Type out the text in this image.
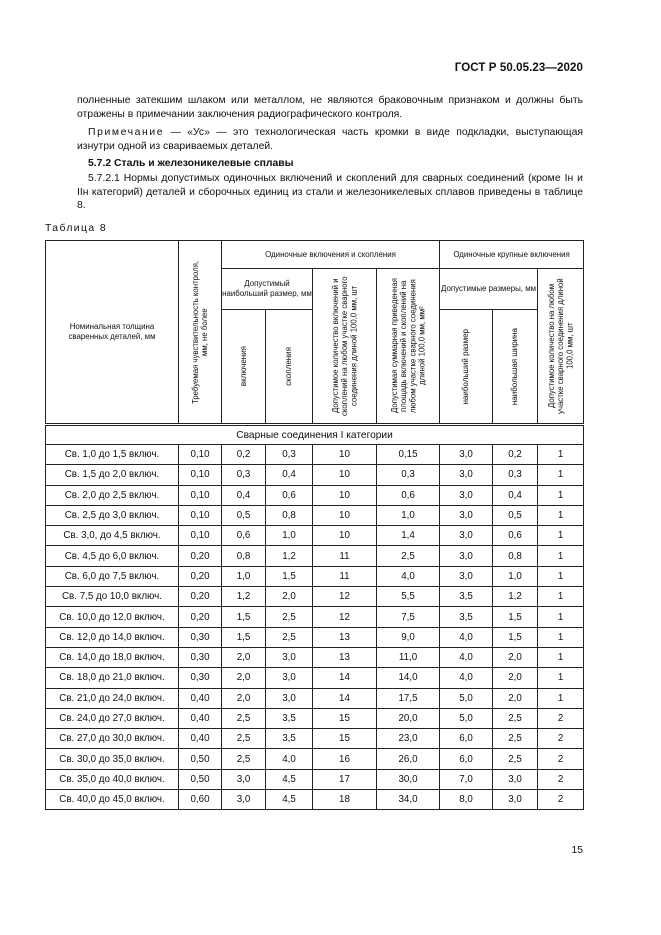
ГОСТ Р 50.05.23—2020
полненные затекшим шлаком или металлом, не являются браковочным признаком и должны быть отражены в примечании заключения радиографического контроля.
Примечание — «Ус» — это технологическая часть кромки в виде подкладки, выступающая изнутри одной из свариваемых деталей.
5.7.2 Сталь и железоникелевые сплавы
5.7.2.1 Нормы допустимых одиночных включений и скоплений для сварных соединений (кроме Iн и IIн категорий) деталей и сборочных единиц из стали и железоникелевых сплавов приведены в таблице 8.
Таблица 8
Номинальная толщина сваренных деталей, мм	Требуемая чувствительность контроля, мм, не более	Одиночные включения и скопления				Одиночные крупные включения		
		Допустимый наибольший размер, мм		Допустимое количество включений и скоплений на любом участке сварного соединения длиной 100,0 мм, шт	Допустимая суммарная приведенная площадь включений и скоплений на любом участке сварного соединения длиной 100,0 мм, мм²	Допустимые размеры, мм		Допустимое количество на любом участке сварного соединения длиной 100,0 мм, шт

		включения	скопления			наибольший размер	наибольшая ширина	

Сварные соединения I категории								
Св. 1,0 до 1,5 включ.	0,10	0,2	0,3	10	0,15	3,0	0,2	1
Св. 1,5 до 2,0 включ.	0,10	0,3	0,4	10	0,3	3,0	0,3	1
Св. 2,0 до 2,5 включ.	0,10	0,4	0,6	10	0,6	3,0	0,4	1
Св. 2,5 до 3,0 включ.	0,10	0,5	0,8	10	1,0	3,0	0,5	1
Св. 3,0, до 4,5 включ.	0,10	0,6	1,0	10	1,4	3,0	0,6	1
Св. 4,5 до 6,0 включ.	0,20	0,8	1,2	11	2,5	3,0	0,8	1
Св. 6,0 до 7,5 включ.	0,20	1,0	1,5	11	4,0	3,0	1,0	1
Св. 7,5 до 10,0 включ.	0,20	1,2	2,0	12	5,5	3,5	1,2	1
Св. 10,0 до 12,0 включ.	0,20	1,5	2,5	12	7,5	3,5	1,5	1
Св. 12,0 до 14,0 включ.	0,30	1,5	2,5	13	9,0	4,0	1,5	1
Св. 14,0 до 18,0 включ.	0,30	2,0	3,0	13	11,0	4,0	2,0	1
Св. 18,0 до 21,0 включ.	0,30	2,0	3,0	14	14,0	4,0	2,0	1
Св. 21,0 до 24,0 включ.	0,40	2,0	3,0	14	17,5	5,0	2,0	1
Св. 24,0 до 27,0 включ.	0,40	2,5	3,5	15	20,0	5,0	2,5	2
Св. 27,0 до 30,0 включ.	0,40	2,5	3,5	15	23,0	6,0	2,5	2
Св. 30,0 до 35,0 включ.	0,50	2,5	4,0	16	26,0	6,0	2,5	2
Св. 35,0 до 40,0 включ.	0,50	3,0	4,5	17	30,0	7,0	3,0	2
Св. 40,0 до 45,0 включ.	0,60	3,0	4,5	18	34,0	8,0	3,0	2
15
